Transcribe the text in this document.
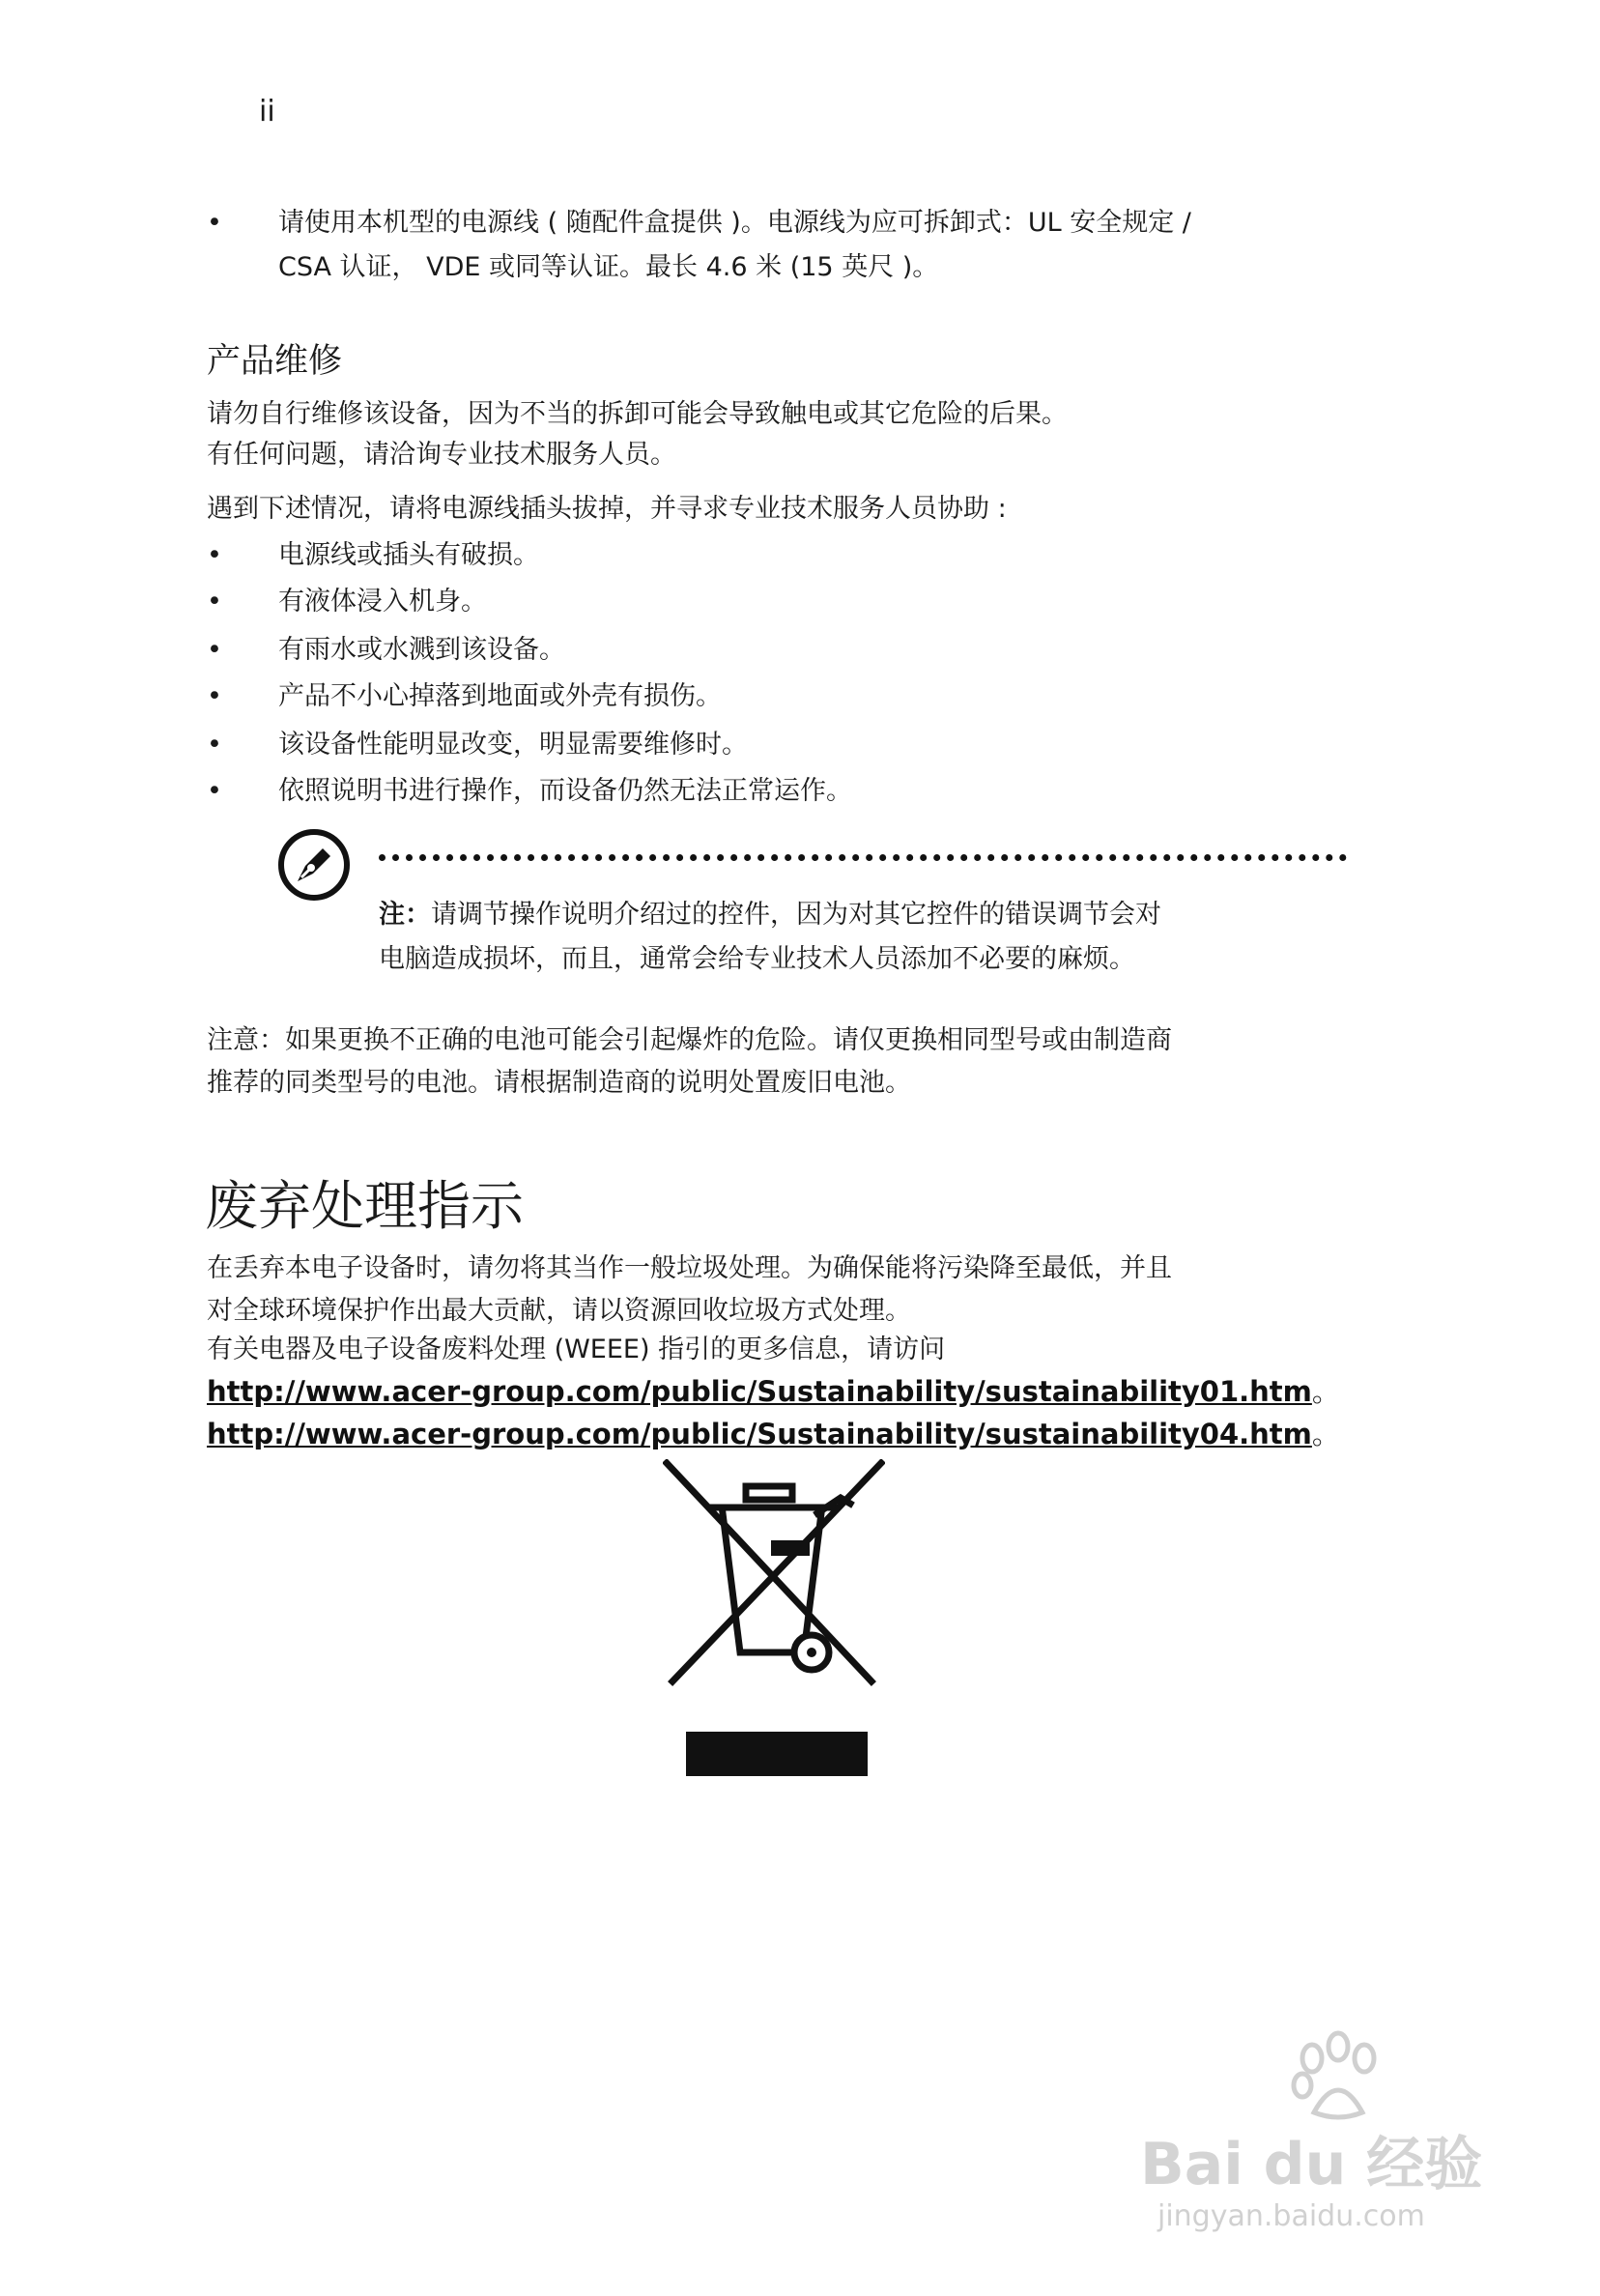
ii
• 请使用本机型的电源线 ( 随配件盒提供 )。电源线为应可拆卸式：UL 安全规定 /
CSA 认证， VDE 或同等认证。最长 4.6 米 (15 英尺 )。
产品维修
请勿自行维修该设备，因为不当的拆卸可能会导致触电或其它危险的后果。
有任何问题，请洽询专业技术服务人员。
遇到下述情况，请将电源线插头拔掉，并寻求专业技术服务人员协助 :
• 电源线或插头有破损。
• 有液体浸入机身。
• 有雨水或水溅到该设备。
• 产品不小心掉落到地面或外壳有损伤。
• 该设备性能明显改变，明显需要维修时。
• 依照说明书进行操作，而设备仍然无法正常运作。
注：请调节操作说明介绍过的控件，因为对其它控件的错误调节会对
电脑造成损坏，而且，通常会给专业技术人员添加不必要的麻烦。
注意：如果更换不正确的电池可能会引起爆炸的危险。请仅更换相同型号或由制造商
推荐的同类型号的电池。请根据制造商的说明处置废旧电池。
废弃处理指示
在丢弃本电子设备时，请勿将其当作一般垃圾处理。为确保能将污染降至最低，并且
对全球环境保护作出最大贡献，请以资源回收垃圾方式处理。
有关电器及电子设备废料处理 (WEEE) 指引的更多信息，请访问
http://www.acer-group.com/public/Sustainability/sustainability01.htm。
http://www.acer-group.com/public/Sustainability/sustainability04.htm。
Bai du 经验
jingyan.baidu.com
